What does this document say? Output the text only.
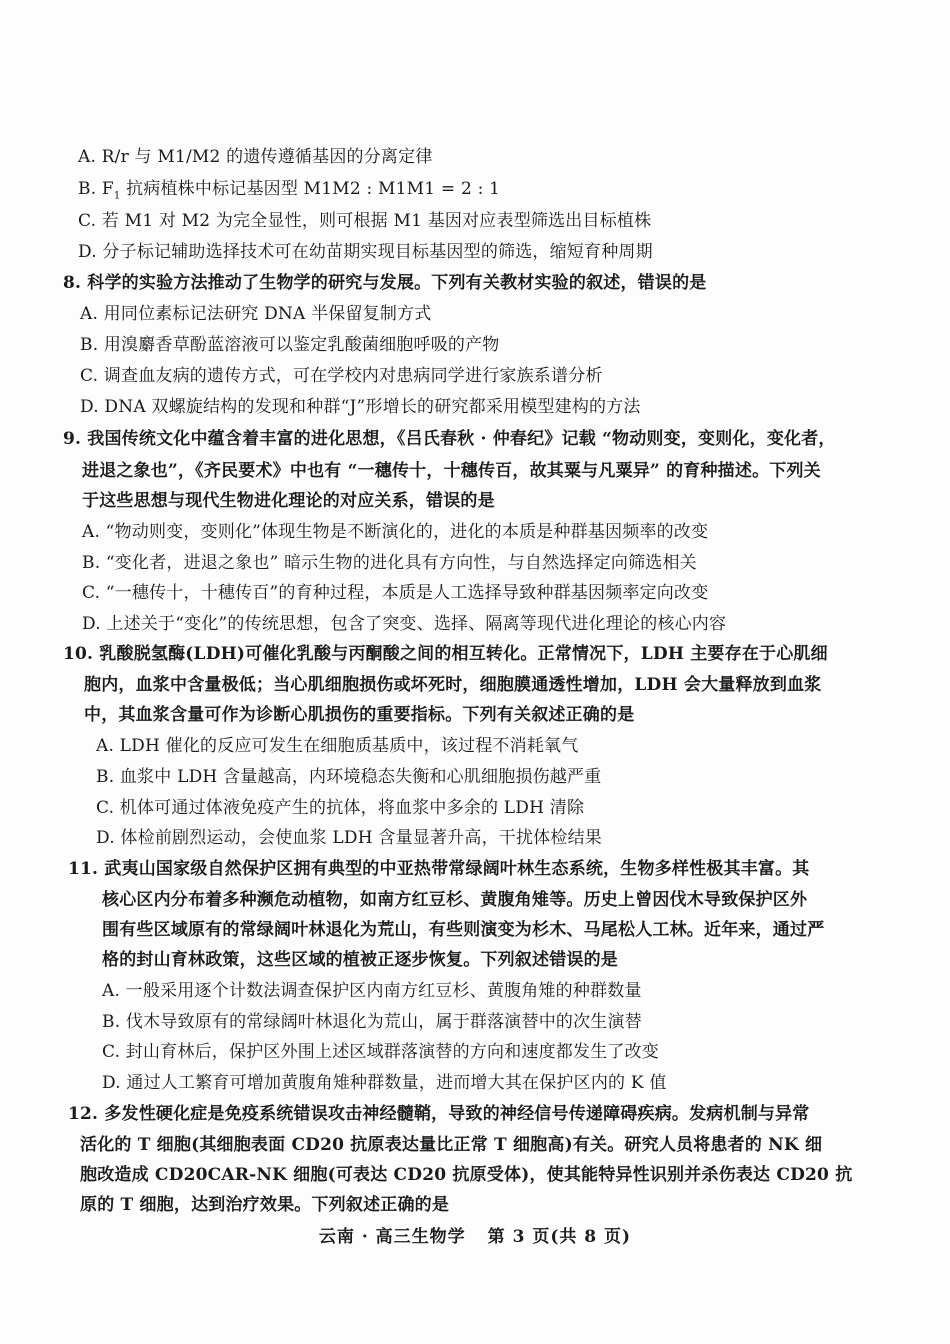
A. R/r 与 M1/M2 的遗传遵循基因的分离定律
B. $F_1$ 抗病植株中标记基因型 M1M2 : M1M1 = 2 : 1
C. 若 M1 对 M2 为完全显性，则可根据 M1 基因对应表型筛选出目标植株
D. 分子标记辅助选择技术可在幼苗期实现目标基因型的筛选，缩短育种周期
8. 科学的实验方法推动了生物学的研究与发展。下列有关教材实验的叙述，错误的是
A. 用同位素标记法研究 DNA 半保留复制方式
B. 用溴麝香草酚蓝溶液可以鉴定乳酸菌细胞呼吸的产物
C. 调查血友病的遗传方式，可在学校内对患病同学进行家族系谱分析
D. DNA 双螺旋结构的发现和种群“J”形增长的研究都采用模型建构的方法
9. 我国传统文化中蕴含着丰富的进化思想，《吕氏春秋 · 仲春纪》记载 “物动则变，变则化，变化者，
进退之象也”，《齐民要术》中也有 “一穗传十，十穗传百，故其粟与凡粟异” 的育种描述。下列关
于这些思想与现代生物进化理论的对应关系，错误的是
A. “物动则变，变则化”体现生物是不断演化的，进化的本质是种群基因频率的改变
B. “变化者，进退之象也” 暗示生物的进化具有方向性，与自然选择定向筛选相关
C. “一穗传十，十穗传百”的育种过程，本质是人工选择导致种群基因频率定向改变
D. 上述关于“变化”的传统思想，包含了突变、选择、隔离等现代进化理论的核心内容
10. 乳酸脱氢酶(LDH)可催化乳酸与丙酮酸之间的相互转化。正常情况下，LDH 主要存在于心肌细
胞内，血浆中含量极低；当心肌细胞损伤或坏死时，细胞膜通透性增加，LDH 会大量释放到血浆
中，其血浆含量可作为诊断心肌损伤的重要指标。下列有关叙述正确的是
A. LDH 催化的反应可发生在细胞质基质中，该过程不消耗氧气
B. 血浆中 LDH 含量越高，内环境稳态失衡和心肌细胞损伤越严重
C. 机体可通过体液免疫产生的抗体，将血浆中多余的 LDH 清除
D. 体检前剧烈运动，会使血浆 LDH 含量显著升高，干扰体检结果
11. 武夷山国家级自然保护区拥有典型的中亚热带常绿阔叶林生态系统，生物多样性极其丰富。其
核心区内分布着多种濒危动植物，如南方红豆杉、黄腹角雉等。历史上曾因伐木导致保护区外
围有些区域原有的常绿阔叶林退化为荒山，有些则演变为杉木、马尾松人工林。近年来，通过严
格的封山育林政策，这些区域的植被正逐步恢复。下列叙述错误的是
A. 一般采用逐个计数法调查保护区内南方红豆杉、黄腹角雉的种群数量
B. 伐木导致原有的常绿阔叶林退化为荒山，属于群落演替中的次生演替
C. 封山育林后，保护区外围上述区域群落演替的方向和速度都发生了改变
D. 通过人工繁育可增加黄腹角雉种群数量，进而增大其在保护区内的 K 值
12. 多发性硬化症是免疫系统错误攻击神经髓鞘，导致的神经信号传递障碍疾病。发病机制与异常
活化的 T 细胞(其细胞表面 CD20 抗原表达量比正常 T 细胞高)有关。研究人员将患者的 NK 细
胞改造成 CD20CAR-NK 细胞(可表达 CD20 抗原受体)，使其能特异性识别并杀伤表达 CD20 抗
原的 T 细胞，达到治疗效果。下列叙述正确的是
云南 · 高三生物学 第 3 页(共 8 页)
